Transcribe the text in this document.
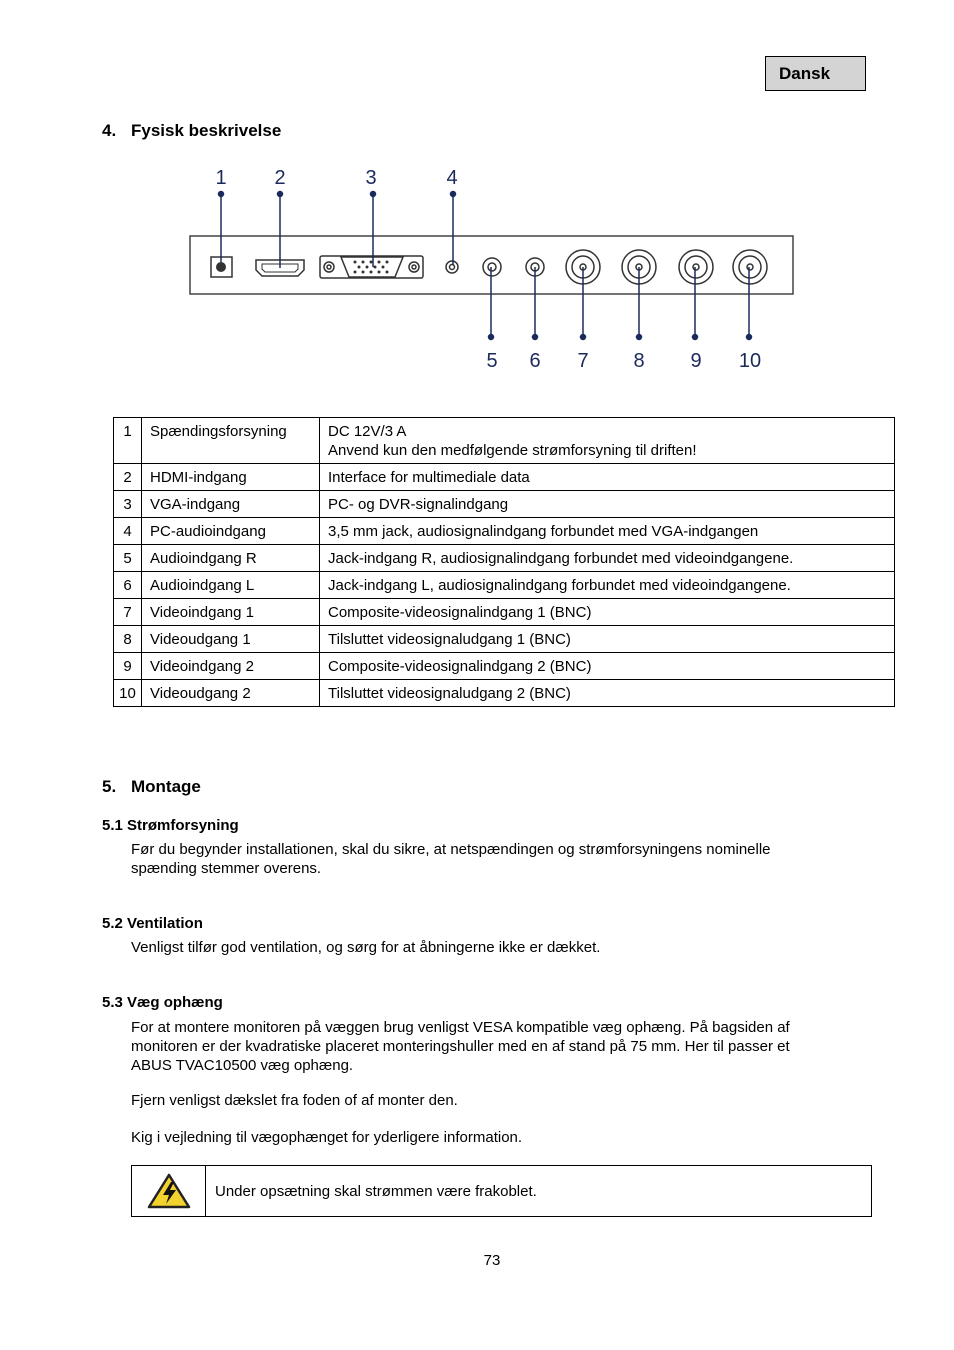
Dansk
4. Fysisk beskrivelse
1 2	3	4
5 6 7 8 9 10
1	Spændingsforsyning	DC 12V/3 A
Anvend kun den medfølgende strømforsyning til driften!

2	HDMI-indgang	Interface for multimediale data
3	VGA-indgang	PC- og DVR-signalindgang
4	PC-audioindgang	3,5 mm jack, audiosignalindgang forbundet med VGA-indgangen
5	Audioindgang R	Jack-indgang R, audiosignalindgang forbundet med videoindgangene.
6	Audioindgang L	Jack-indgang L, audiosignalindgang forbundet med videoindgangene.
7	Videoindgang 1	Composite-videosignalindgang 1 (BNC)
8	Videoudgang 1	Tilsluttet videosignaludgang 1 (BNC)
9	Videoindgang 2	Composite-videosignalindgang 2 (BNC)
10	Videoudgang 2	Tilsluttet videosignaludgang 2 (BNC)
5. Montage
5.1 Strømforsyning
Før du begynder installationen, skal du sikre, at netspændingen og strømforsyningens nominelle
spænding stemmer overens.
5.2 Ventilation
Venligst tilfør god ventilation, og sørg for at åbningerne ikke er dækket.
5.3 Væg ophæng
For at montere monitoren på væggen brug venligst VESA kompatible væg ophæng. På bagsiden af
monitoren er der kvadratiske placeret monteringshuller med en af stand på 75 mm. Her til passer et
ABUS TVAC10500 væg ophæng.
Fjern venligst dækslet fra foden of af monter den.
Kig i vejledning til vægophænget for yderligere information.
Under opsætning skal strømmen være frakoblet.
73
